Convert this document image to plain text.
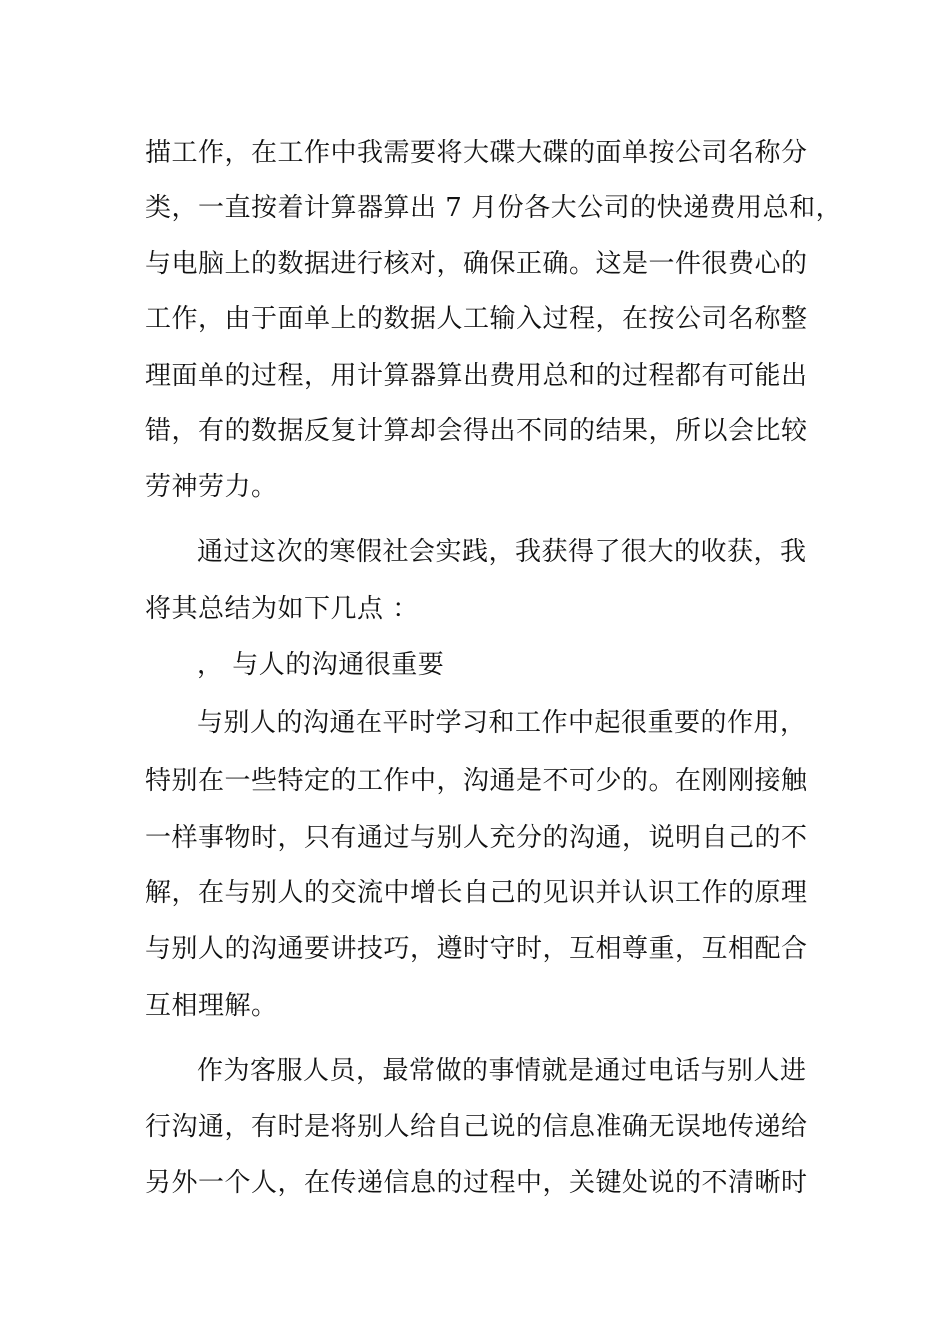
描工作，在工作中我需要将大碟大碟的面单按公司名称分
类，一直按着计算器算出 7 月份各大公司的快递费用总和，
与电脑上的数据进行核对，确保正确。这是一件很费心的
工作，由于面单上的数据人工输入过程，在按公司名称整
理面单的过程，用计算器算出费用总和的过程都有可能出
错，有的数据反复计算却会得出不同的结果，所以会比较
劳神劳力。
通过这次的寒假社会实践，我获得了很大的收获，我
将其总结为如下几点 ：
， 与人的沟通很重要
与别人的沟通在平时学习和工作中起很重要的作用，
特别在一些特定的工作中，沟通是不可少的。在刚刚接触
一样事物时，只有通过与别人充分的沟通，说明自己的不
解，在与别人的交流中增长自己的见识并认识工作的原理
与别人的沟通要讲技巧，遵时守时，互相尊重，互相配合
互相理解。
作为客服人员，最常做的事情就是通过电话与别人进
行沟通，有时是将别人给自己说的信息准确无误地传递给
另外一个人，在传递信息的过程中，关键处说的不清晰时
